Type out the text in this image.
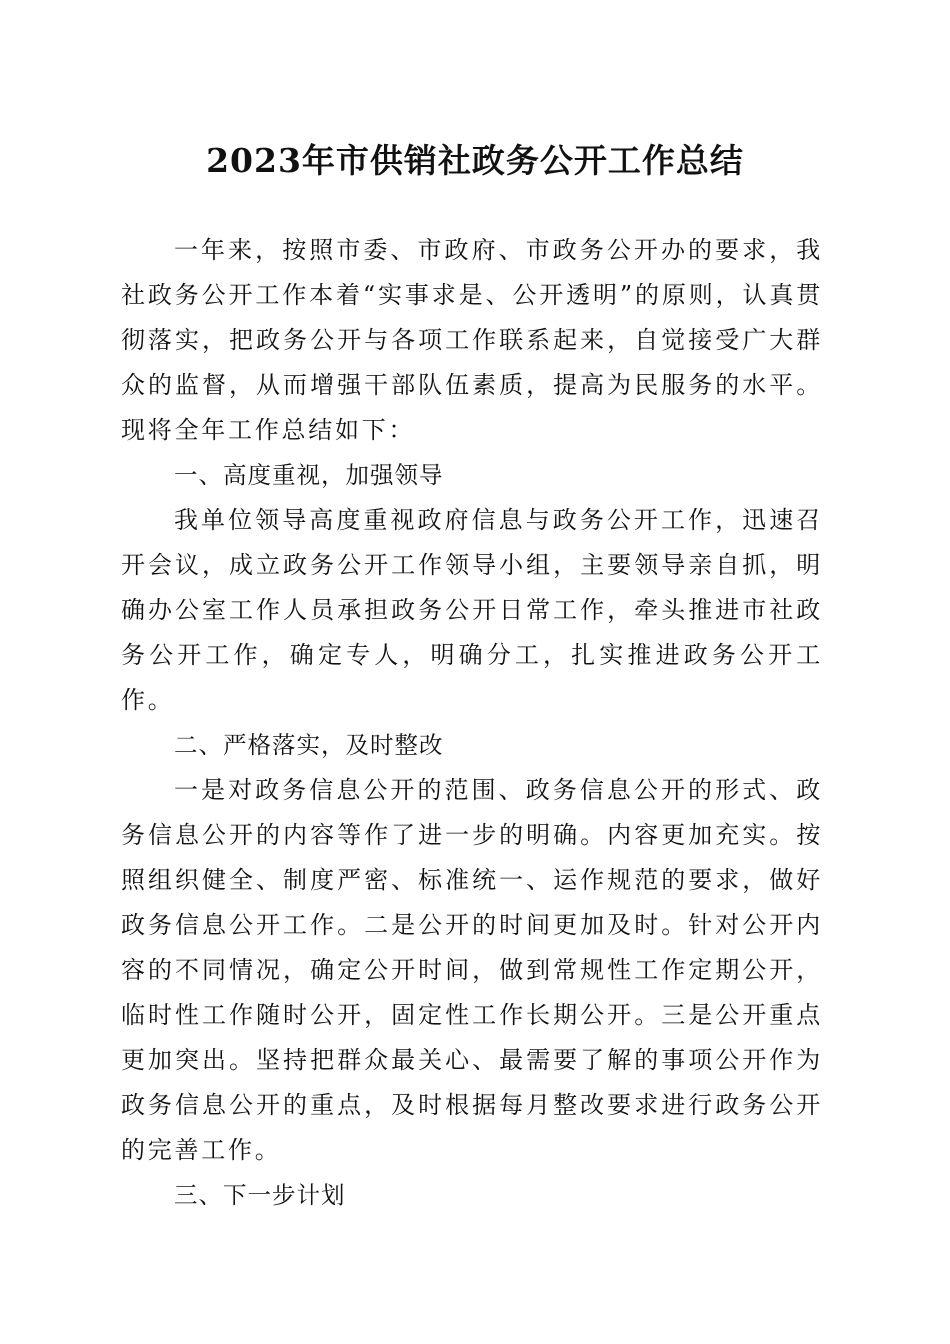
2023年市供销社政务公开工作总结

一年来，按照市委、市政府、市政务公开办的要求，我社政务公开工作本着“实事求是、公开透明”的原则，认真贯彻落实，把政务公开与各项工作联系起来，自觉接受广大群众的监督，从而增强干部队伍素质，提高为民服务的水平。现将全年工作总结如下：

一、高度重视，加强领导

我单位领导高度重视政府信息与政务公开工作，迅速召开会议，成立政务公开工作领导小组，主要领导亲自抓，明确办公室工作人员承担政务公开日常工作，牵头推进市社政务公开工作，确定专人，明确分工，扎实推进政务公开工作。

二、严格落实，及时整改

一是对政务信息公开的范围、政务信息公开的形式、政务信息公开的内容等作了进一步的明确。内容更加充实。按照组织健全、制度严密、标准统一、运作规范的要求，做好政务信息公开工作。二是公开的时间更加及时。针对公开内容的不同情况，确定公开时间，做到常规性工作定期公开，临时性工作随时公开，固定性工作长期公开。三是公开重点更加突出。坚持把群众最关心、最需要了解的事项公开作为政务信息公开的重点，及时根据每月整改要求进行政务公开的完善工作。

三、下一步计划
